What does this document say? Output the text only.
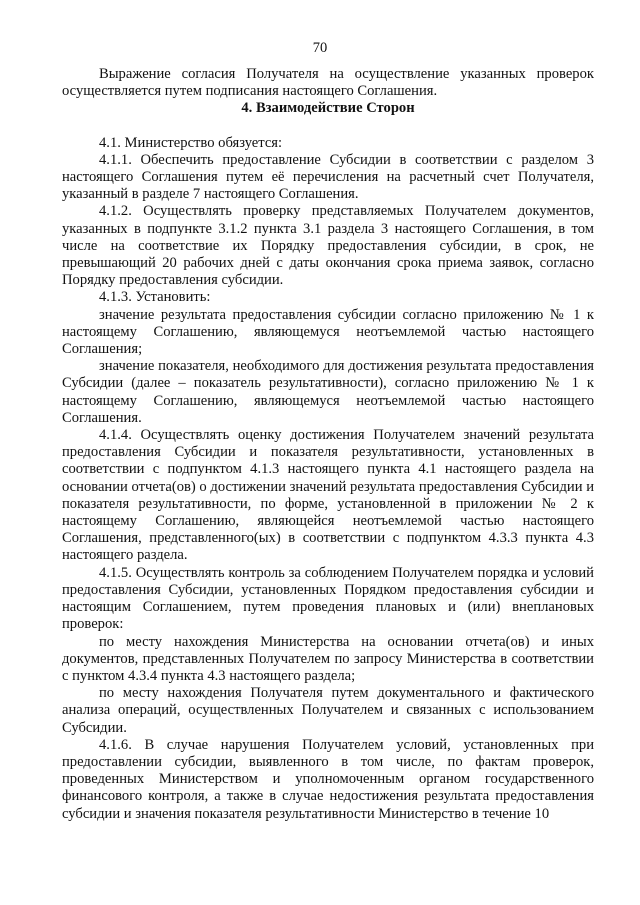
70

Выражение согласия Получателя на осуществление указанных проверок осуществляется путем подписания настоящего Соглашения.

4. Взаимодействие Сторон

4.1. Министерство обязуется:

4.1.1. Обеспечить предоставление Субсидии в соответствии с разделом 3 настоящего Соглашения путем её перечисления на расчетный счет Получателя, указанный в разделе 7 настоящего Соглашения.

4.1.2. Осуществлять проверку представляемых Получателем документов, указанных в подпункте 3.1.2 пункта 3.1 раздела 3 настоящего Соглашения, в том числе на соответствие их Порядку предоставления субсидии, в срок, не превышающий 20 рабочих дней с даты окончания срока приема заявок, согласно Порядку предоставления субсидии.

4.1.3. Установить:

значение результата предоставления субсидии согласно приложению № 1 к настоящему Соглашению, являющемуся неотъемлемой частью настоящего Соглашения;

значение показателя, необходимого для достижения результата предоставления Субсидии (далее – показатель результативности), согласно приложению № 1 к настоящему Соглашению, являющемуся неотъемлемой частью настоящего Соглашения.

4.1.4. Осуществлять оценку достижения Получателем значений результата предоставления Субсидии и показателя результативности, установленных в соответствии с подпунктом 4.1.3 настоящего пункта 4.1 настоящего раздела на основании отчета(ов) о достижении значений результата предоставления Субсидии и показателя результативности, по форме, установленной в приложении № 2 к настоящему Соглашению, являющейся неотъемлемой частью настоящего Соглашения, представленного(ых) в соответствии с подпунктом 4.3.3 пункта 4.3 настоящего раздела.

4.1.5. Осуществлять контроль за соблюдением Получателем порядка и условий предоставления Субсидии, установленных Порядком предоставления субсидии и настоящим Соглашением, путем проведения плановых и (или) внеплановых проверок:

по месту нахождения Министерства на основании отчета(ов) и иных документов, представленных Получателем по запросу Министерства в соответствии с пунктом 4.3.4 пункта 4.3 настоящего раздела;

по месту нахождения Получателя путем документального и фактического анализа операций, осуществленных Получателем и связанных с использованием Субсидии.

4.1.6. В случае нарушения Получателем условий, установленных при предоставлении субсидии, выявленного в том числе, по фактам проверок, проведенных Министерством и уполномоченным органом государственного финансового контроля, а также в случае недостижения результата предоставления субсидии и значения показателя результативности Министерство в течение 10
